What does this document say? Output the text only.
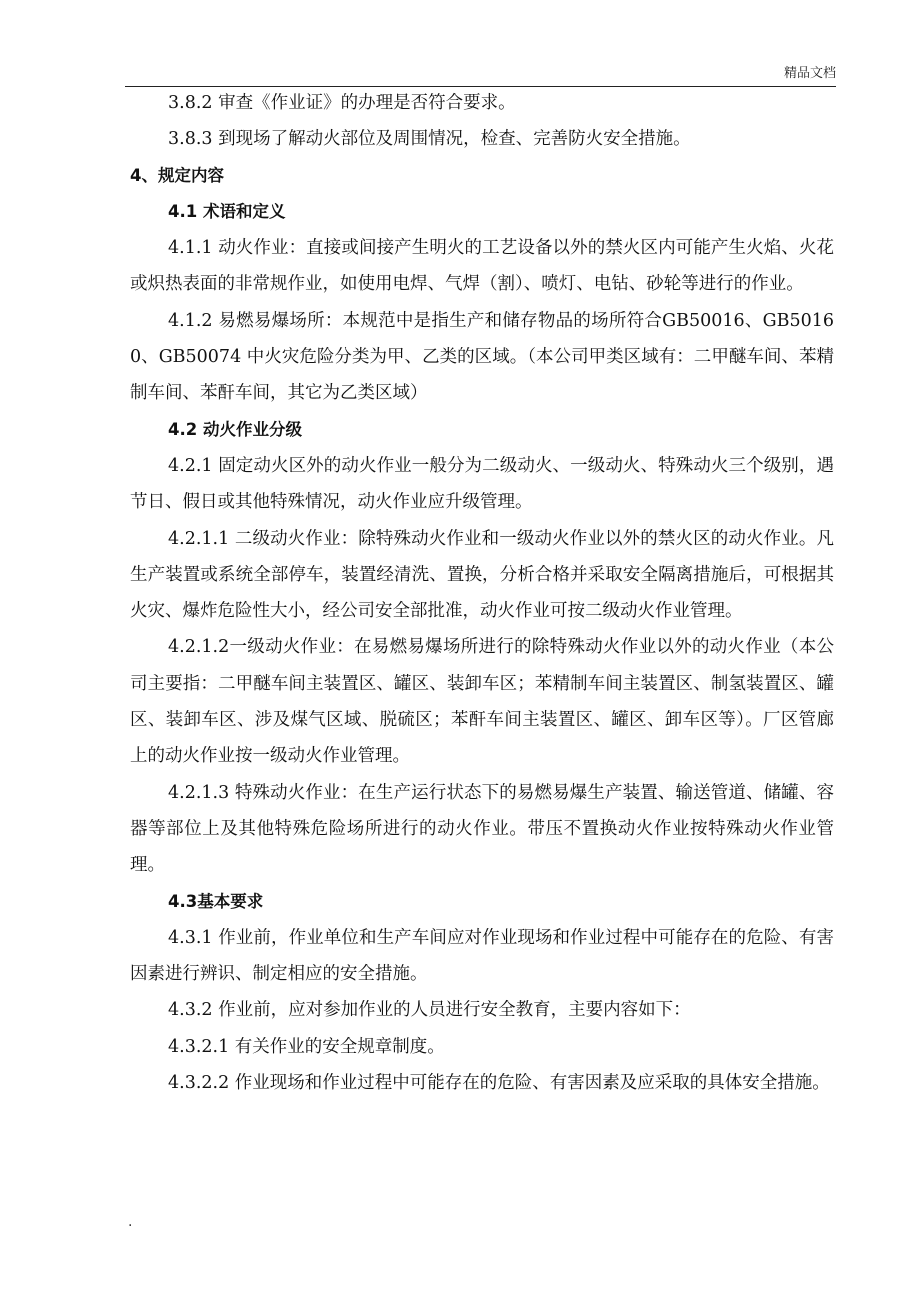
精品文档

3.8.2 审查《作业证》的办理是否符合要求。

3.8.3 到现场了解动火部位及周围情况，检查、完善防火安全措施。

4、规定内容

4.1 术语和定义

4.1.1 动火作业：直接或间接产生明火的工艺设备以外的禁火区内可能产生火焰、火花或炽热表面的非常规作业，如使用电焊、气焊（割）、喷灯、电钻、砂轮等进行的作业。

4.1.2 易燃易爆场所：本规范中是指生产和储存物品的场所符合GB50016、GB50160、GB50074 中火灾危险分类为甲、乙类的区域。（本公司甲类区域有：二甲醚车间、苯精制车间、苯酐车间，其它为乙类区域）

4.2 动火作业分级

4.2.1 固定动火区外的动火作业一般分为二级动火、一级动火、特殊动火三个级别，遇节日、假日或其他特殊情况，动火作业应升级管理。

4.2.1.1 二级动火作业：除特殊动火作业和一级动火作业以外的禁火区的动火作业。凡生产装置或系统全部停车，装置经清洗、置换，分析合格并采取安全隔离措施后，可根据其火灾、爆炸危险性大小，经公司安全部批准，动火作业可按二级动火作业管理。

4.2.1.2一级动火作业：在易燃易爆场所进行的除特殊动火作业以外的动火作业（本公司主要指：二甲醚车间主装置区、罐区、装卸车区；苯精制车间主装置区、制氢装置区、罐区、装卸车区、涉及煤气区域、脱硫区；苯酐车间主装置区、罐区、卸车区等）。厂区管廊上的动火作业按一级动火作业管理。

4.2.1.3 特殊动火作业：在生产运行状态下的易燃易爆生产装置、输送管道、储罐、容器等部位上及其他特殊危险场所进行的动火作业。带压不置换动火作业按特殊动火作业管理。

4.3基本要求

4.3.1 作业前，作业单位和生产车间应对作业现场和作业过程中可能存在的危险、有害因素进行辨识、制定相应的安全措施。

4.3.2 作业前，应对参加作业的人员进行安全教育，主要内容如下：

4.3.2.1 有关作业的安全规章制度。

4.3.2.2 作业现场和作业过程中可能存在的危险、有害因素及应采取的具体安全措施。

.
